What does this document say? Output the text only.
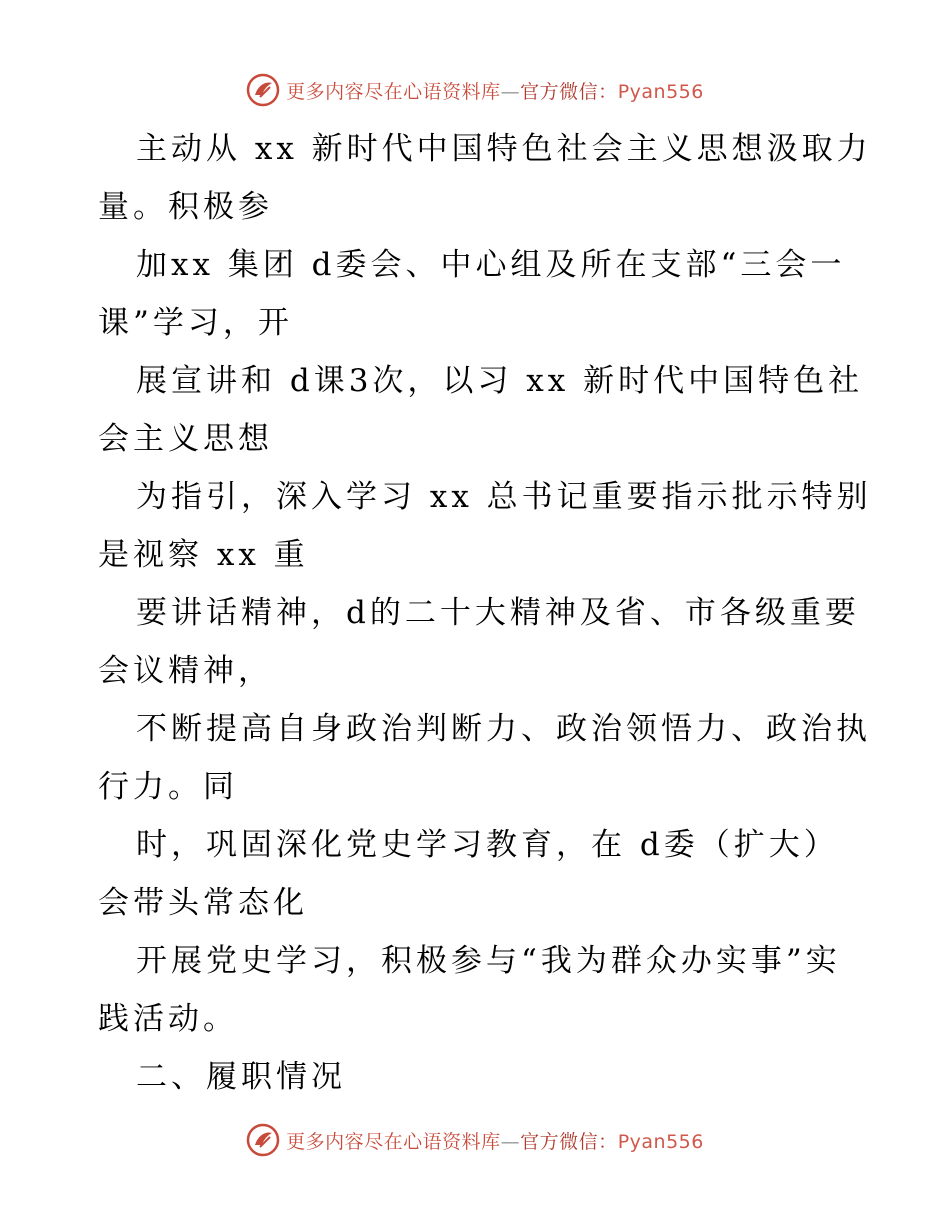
更多内容尽在心语资料库—官方微信：Pyan556
主动从 xx 新时代中国特色社会主义思想汲取力
量。积极参
加xx 集团 d委会、中心组及所在支部“三会一
课”学习，开
展宣讲和 d课3次，以习 xx 新时代中国特色社
会主义思想
为指引，深入学习 xx 总书记重要指示批示特别
是视察 xx 重
要讲话精神，d的二十大精神及省、市各级重要
会议精神，
不断提高自身政治判断力、政治领悟力、政治执
行力。同
时，巩固深化党史学习教育，在 d委（扩大）
会带头常态化
开展党史学习，积极参与“我为群众办实事”实
践活动。
二、履职情况
更多内容尽在心语资料库—官方微信：Pyan556
